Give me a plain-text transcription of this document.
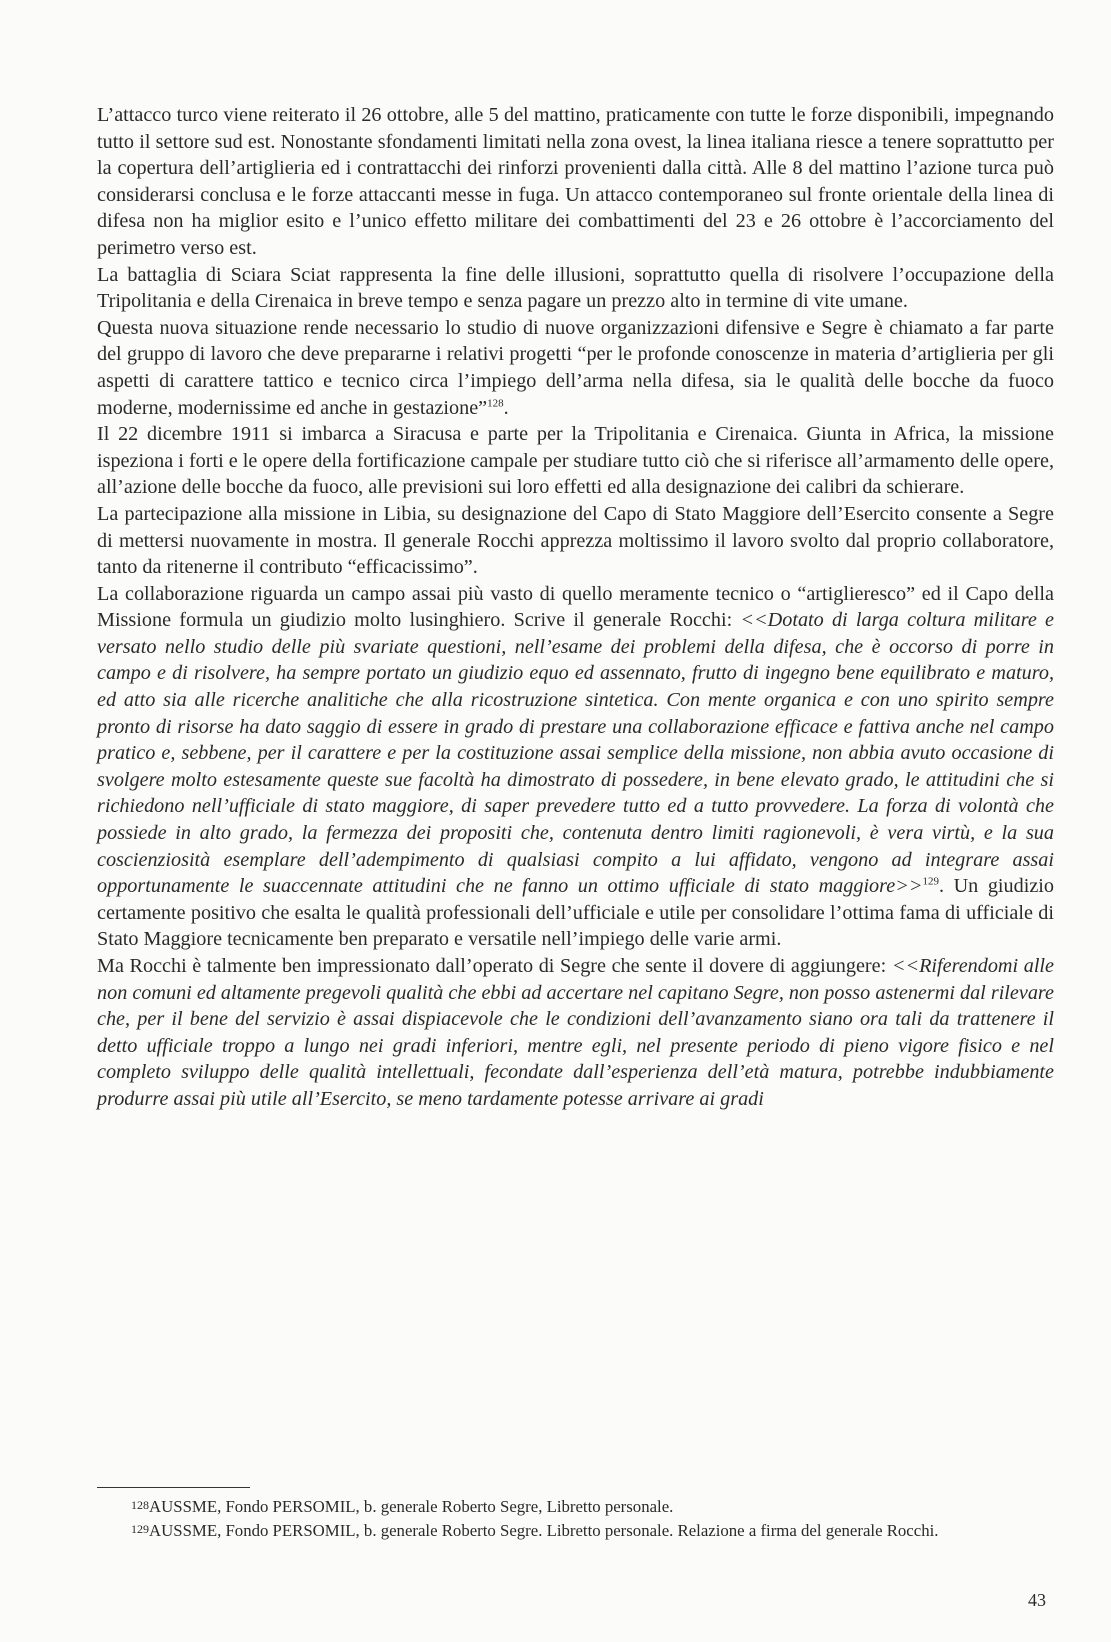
L’attacco turco viene reiterato il 26 ottobre, alle 5 del mattino, praticamente con tutte le forze disponibili, impegnando tutto il settore sud est. Nonostante sfondamenti limitati nella zona ovest, la linea italiana riesce a tenere soprattutto per la copertura dell’artiglieria ed i contrattacchi dei rinforzi provenienti dalla città. Alle 8 del mattino l’azione turca può considerarsi conclusa e le forze attaccanti messe in fuga. Un attacco contemporaneo sul fronte orientale della linea di difesa non ha miglior esito e l’unico effetto militare dei combattimenti del 23 e 26 ottobre è l’accorciamento del perimetro verso est.

La battaglia di Sciara Sciat rappresenta la fine delle illusioni, soprattutto quella di risolvere l’occupazione della Tripolitania e della Cirenaica in breve tempo e senza pagare un prezzo alto in termine di vite umane.

Questa nuova situazione rende necessario lo studio di nuove organizzazioni difensive e Segre è chiamato a far parte del gruppo di lavoro che deve prepararne i relativi progetti “per le profonde conoscenze in materia d’artiglieria per gli aspetti di carattere tattico e tecnico circa l’impiego dell’arma nella difesa, sia le qualità delle bocche da fuoco moderne, modernissime ed anche in gestazione”$^{128}$.

Il 22 dicembre 1911 si imbarca a Siracusa e parte per la Tripolitania e Cirenaica. Giunta in Africa, la missione ispeziona i forti e le opere della fortificazione campale per studiare tutto ciò che si riferisce all’armamento delle opere, all’azione delle bocche da fuoco, alle previsioni sui loro effetti ed alla designazione dei calibri da schierare.

La partecipazione alla missione in Libia, su designazione del Capo di Stato Maggiore dell’Esercito consente a Segre di mettersi nuovamente in mostra. Il generale Rocchi apprezza moltissimo il lavoro svolto dal proprio collaboratore, tanto da ritenerne il contributo “efficacissimo”.

La collaborazione riguarda un campo assai più vasto di quello meramente tecnico o “artiglieresco” ed il Capo della Missione formula un giudizio molto lusinghiero. Scrive il generale Rocchi: <<Dotato di larga coltura militare e versato nello studio delle più svariate questioni, nell’esame dei problemi della difesa, che è occorso di porre in campo e di risolvere, ha sempre portato un giudizio equo ed assennato, frutto di ingegno bene equilibrato e maturo, ed atto sia alle ricerche analitiche che alla ricostruzione sintetica. Con mente organica e con uno spirito sempre pronto di risorse ha dato saggio di essere in grado di prestare una collaborazione efficace e fattiva anche nel campo pratico e, sebbene, per il carattere e per la costituzione assai semplice della missione, non abbia avuto occasione di svolgere molto estesamente queste sue facoltà ha dimostrato di possedere, in bene elevato grado, le attitudini che si richiedono nell’ufficiale di stato maggiore, di saper prevedere tutto ed a tutto provvedere. La forza di volontà che possiede in alto grado, la fermezza dei propositi che, contenuta dentro limiti ragionevoli, è vera virtù, e la sua coscienziosità esemplare dell’adempimento di qualsiasi compito a lui affidato, vengono ad integrare assai opportunamente le suaccennate attitudini che ne fanno un ottimo ufficiale di stato maggiore>>$^{129}$. Un giudizio certamente positivo che esalta le qualità professionali dell’ufficiale e utile per consolidare l’ottima fama di ufficiale di Stato Maggiore tecnicamente ben preparato e versatile nell’impiego delle varie armi.

Ma Rocchi è talmente ben impressionato dall’operato di Segre che sente il dovere di aggiungere: <<Riferendomi alle non comuni ed altamente pregevoli qualità che ebbi ad accertare nel capitano Segre, non posso astenermi dal rilevare che, per il bene del servizio è assai dispiacevole che le condizioni dell’avanzamento siano ora tali da trattenere il detto ufficiale troppo a lungo nei gradi inferiori, mentre egli, nel presente periodo di pieno vigore fisico e nel completo sviluppo delle qualità intellettuali, fecondate dall’esperienza dell’età matura, potrebbe indubbiamente produrre assai più utile all’Esercito, se meno tardamente potesse arrivare ai gradi

128AUSSME, Fondo PERSOMIL, b. generale Roberto Segre, Libretto personale.

129AUSSME, Fondo PERSOMIL, b. generale Roberto Segre. Libretto personale. Relazione a firma del generale Rocchi.

43
